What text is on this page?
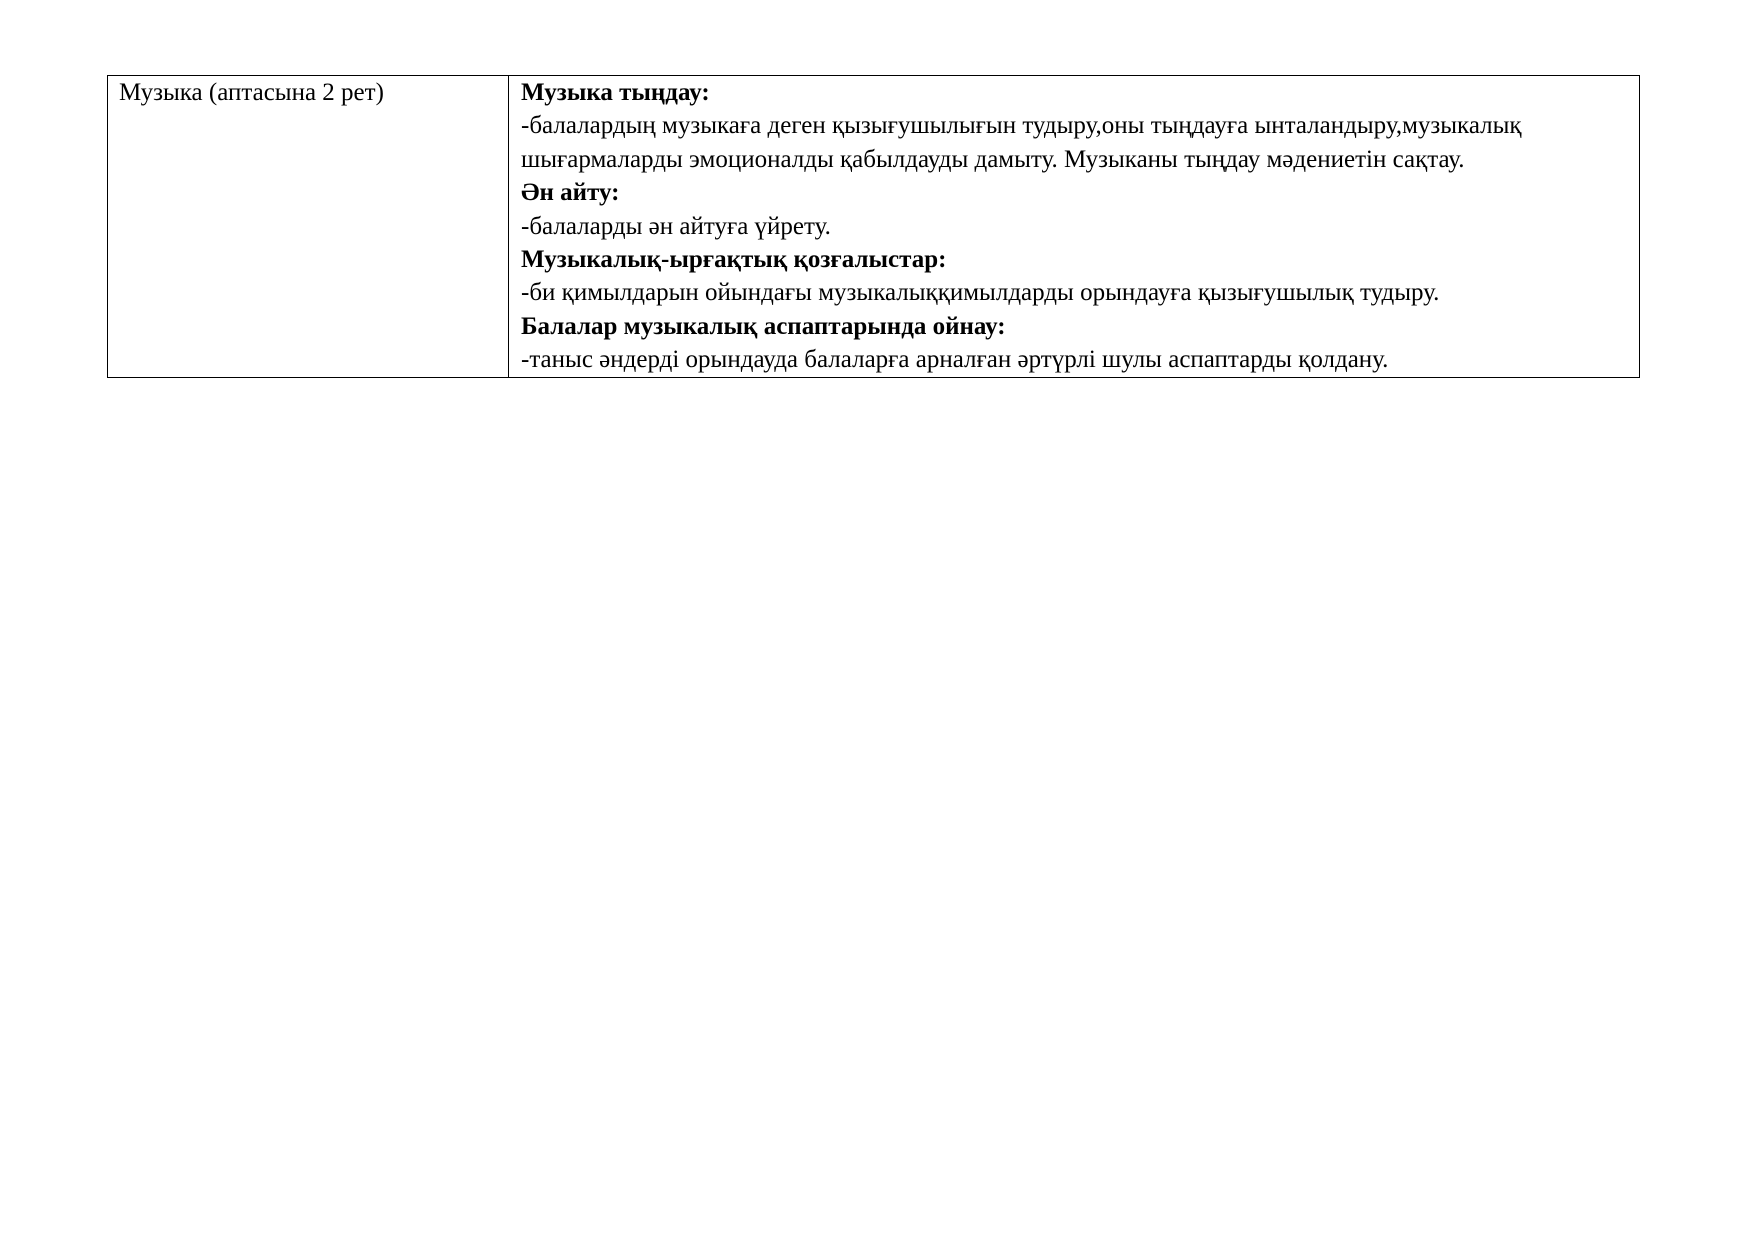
Музыка (аптасына 2 рет)	Музыка тыңдау:
-балалардың музыкаға деген қызығушылығын тудыру,оны тыңдауға ынталандыру,музыкалық шығармаларды эмоционалды қабылдауды дамыту. Музыканы тыңдау мәдениетін сақтау.
Ән айту:
-балаларды ән айтуға үйрету.
Музыкалық-ырғақтық қозғалыстар:
-би қимылдарын ойындағы музыкалыққимылдарды орындауға қызығушылық тудыру.
Балалар музыкалық аспаптарында ойнау:
-таныс әндерді орындауда балаларға арналған әртүрлі шулы аспаптарды қолдану.
